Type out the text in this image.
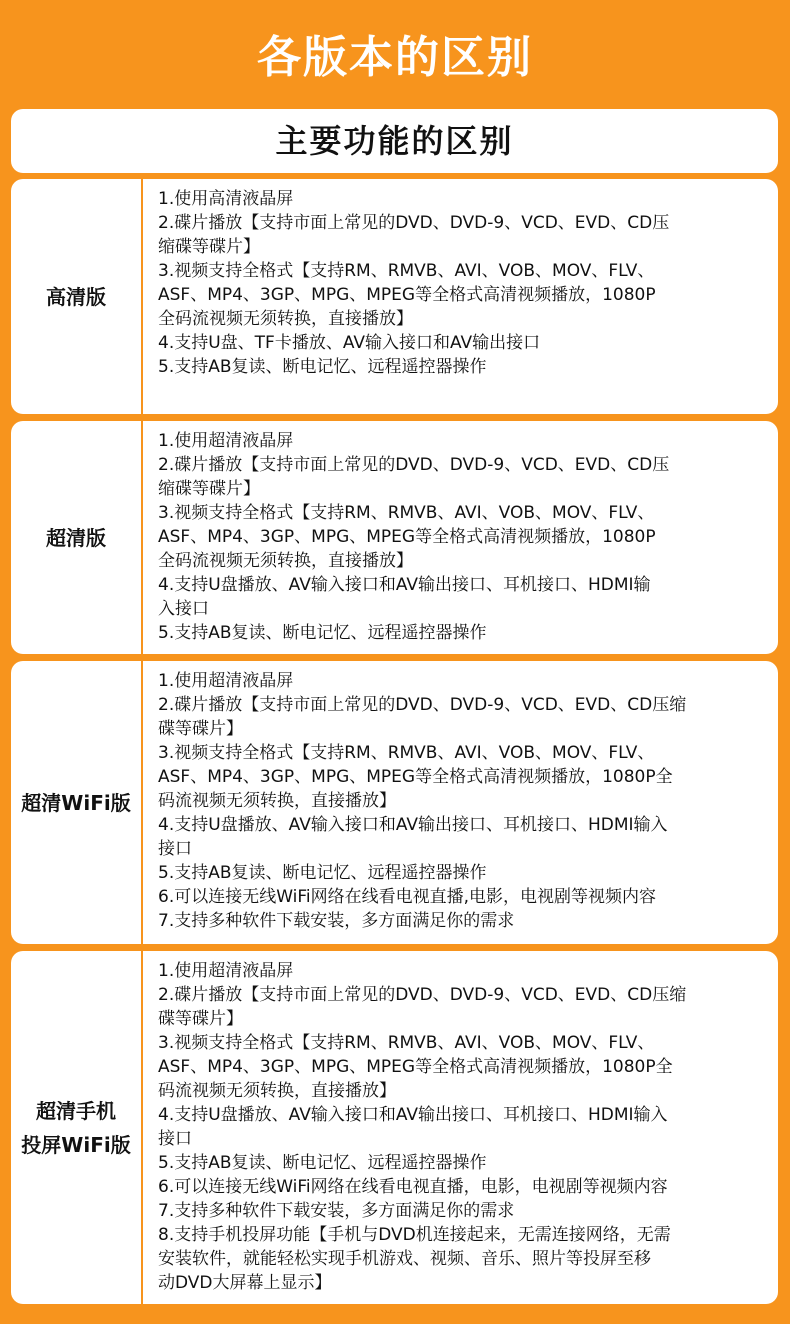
各版本的区别
主要功能的区别
高清版
1.使用高清液晶屏
2.碟片播放【支持市面上常见的DVD、DVD-9、VCD、EVD、CD压
缩碟等碟片】
3.视频支持全格式【支持RM、RMVB、AVI、VOB、MOV、FLV、
ASF、MP4、3GP、MPG、MPEG等全格式高清视频播放，1080P
全码流视频无须转换，直接播放】
4.支持U盘、TF卡播放、AV输入接口和AV输出接口
5.支持AB复读、断电记忆、远程遥控器操作
超清版
1.使用超清液晶屏
2.碟片播放【支持市面上常见的DVD、DVD-9、VCD、EVD、CD压
缩碟等碟片】
3.视频支持全格式【支持RM、RMVB、AVI、VOB、MOV、FLV、
ASF、MP4、3GP、MPG、MPEG等全格式高清视频播放，1080P
全码流视频无须转换，直接播放】
4.支持U盘播放、AV输入接口和AV输出接口、耳机接口、HDMI输
入接口
5.支持AB复读、断电记忆、远程遥控器操作
超清WiFi版
1.使用超清液晶屏
2.碟片播放【支持市面上常见的DVD、DVD-9、VCD、EVD、CD压缩
碟等碟片】
3.视频支持全格式【支持RM、RMVB、AVI、VOB、MOV、FLV、
ASF、MP4、3GP、MPG、MPEG等全格式高清视频播放，1080P全
码流视频无须转换，直接播放】
4.支持U盘播放、AV输入接口和AV输出接口、耳机接口、HDMI输入
接口
5.支持AB复读、断电记忆、远程遥控器操作
6.可以连接无线WiFi网络在线看电视直播,电影，电视剧等视频内容
7.支持多种软件下载安装，多方面满足你的需求
超清手机
投屏WiFi版
1.使用超清液晶屏
2.碟片播放【支持市面上常见的DVD、DVD-9、VCD、EVD、CD压缩
碟等碟片】
3.视频支持全格式【支持RM、RMVB、AVI、VOB、MOV、FLV、
ASF、MP4、3GP、MPG、MPEG等全格式高清视频播放，1080P全
码流视频无须转换，直接播放】
4.支持U盘播放、AV输入接口和AV输出接口、耳机接口、HDMI输入
接口
5.支持AB复读、断电记忆、远程遥控器操作
6.可以连接无线WiFi网络在线看电视直播，电影，电视剧等视频内容
7.支持多种软件下载安装，多方面满足你的需求
8.支持手机投屏功能【手机与DVD机连接起来，无需连接网络，无需
安装软件，就能轻松实现手机游戏、视频、音乐、照片等投屏至移
动DVD大屏幕上显示】
